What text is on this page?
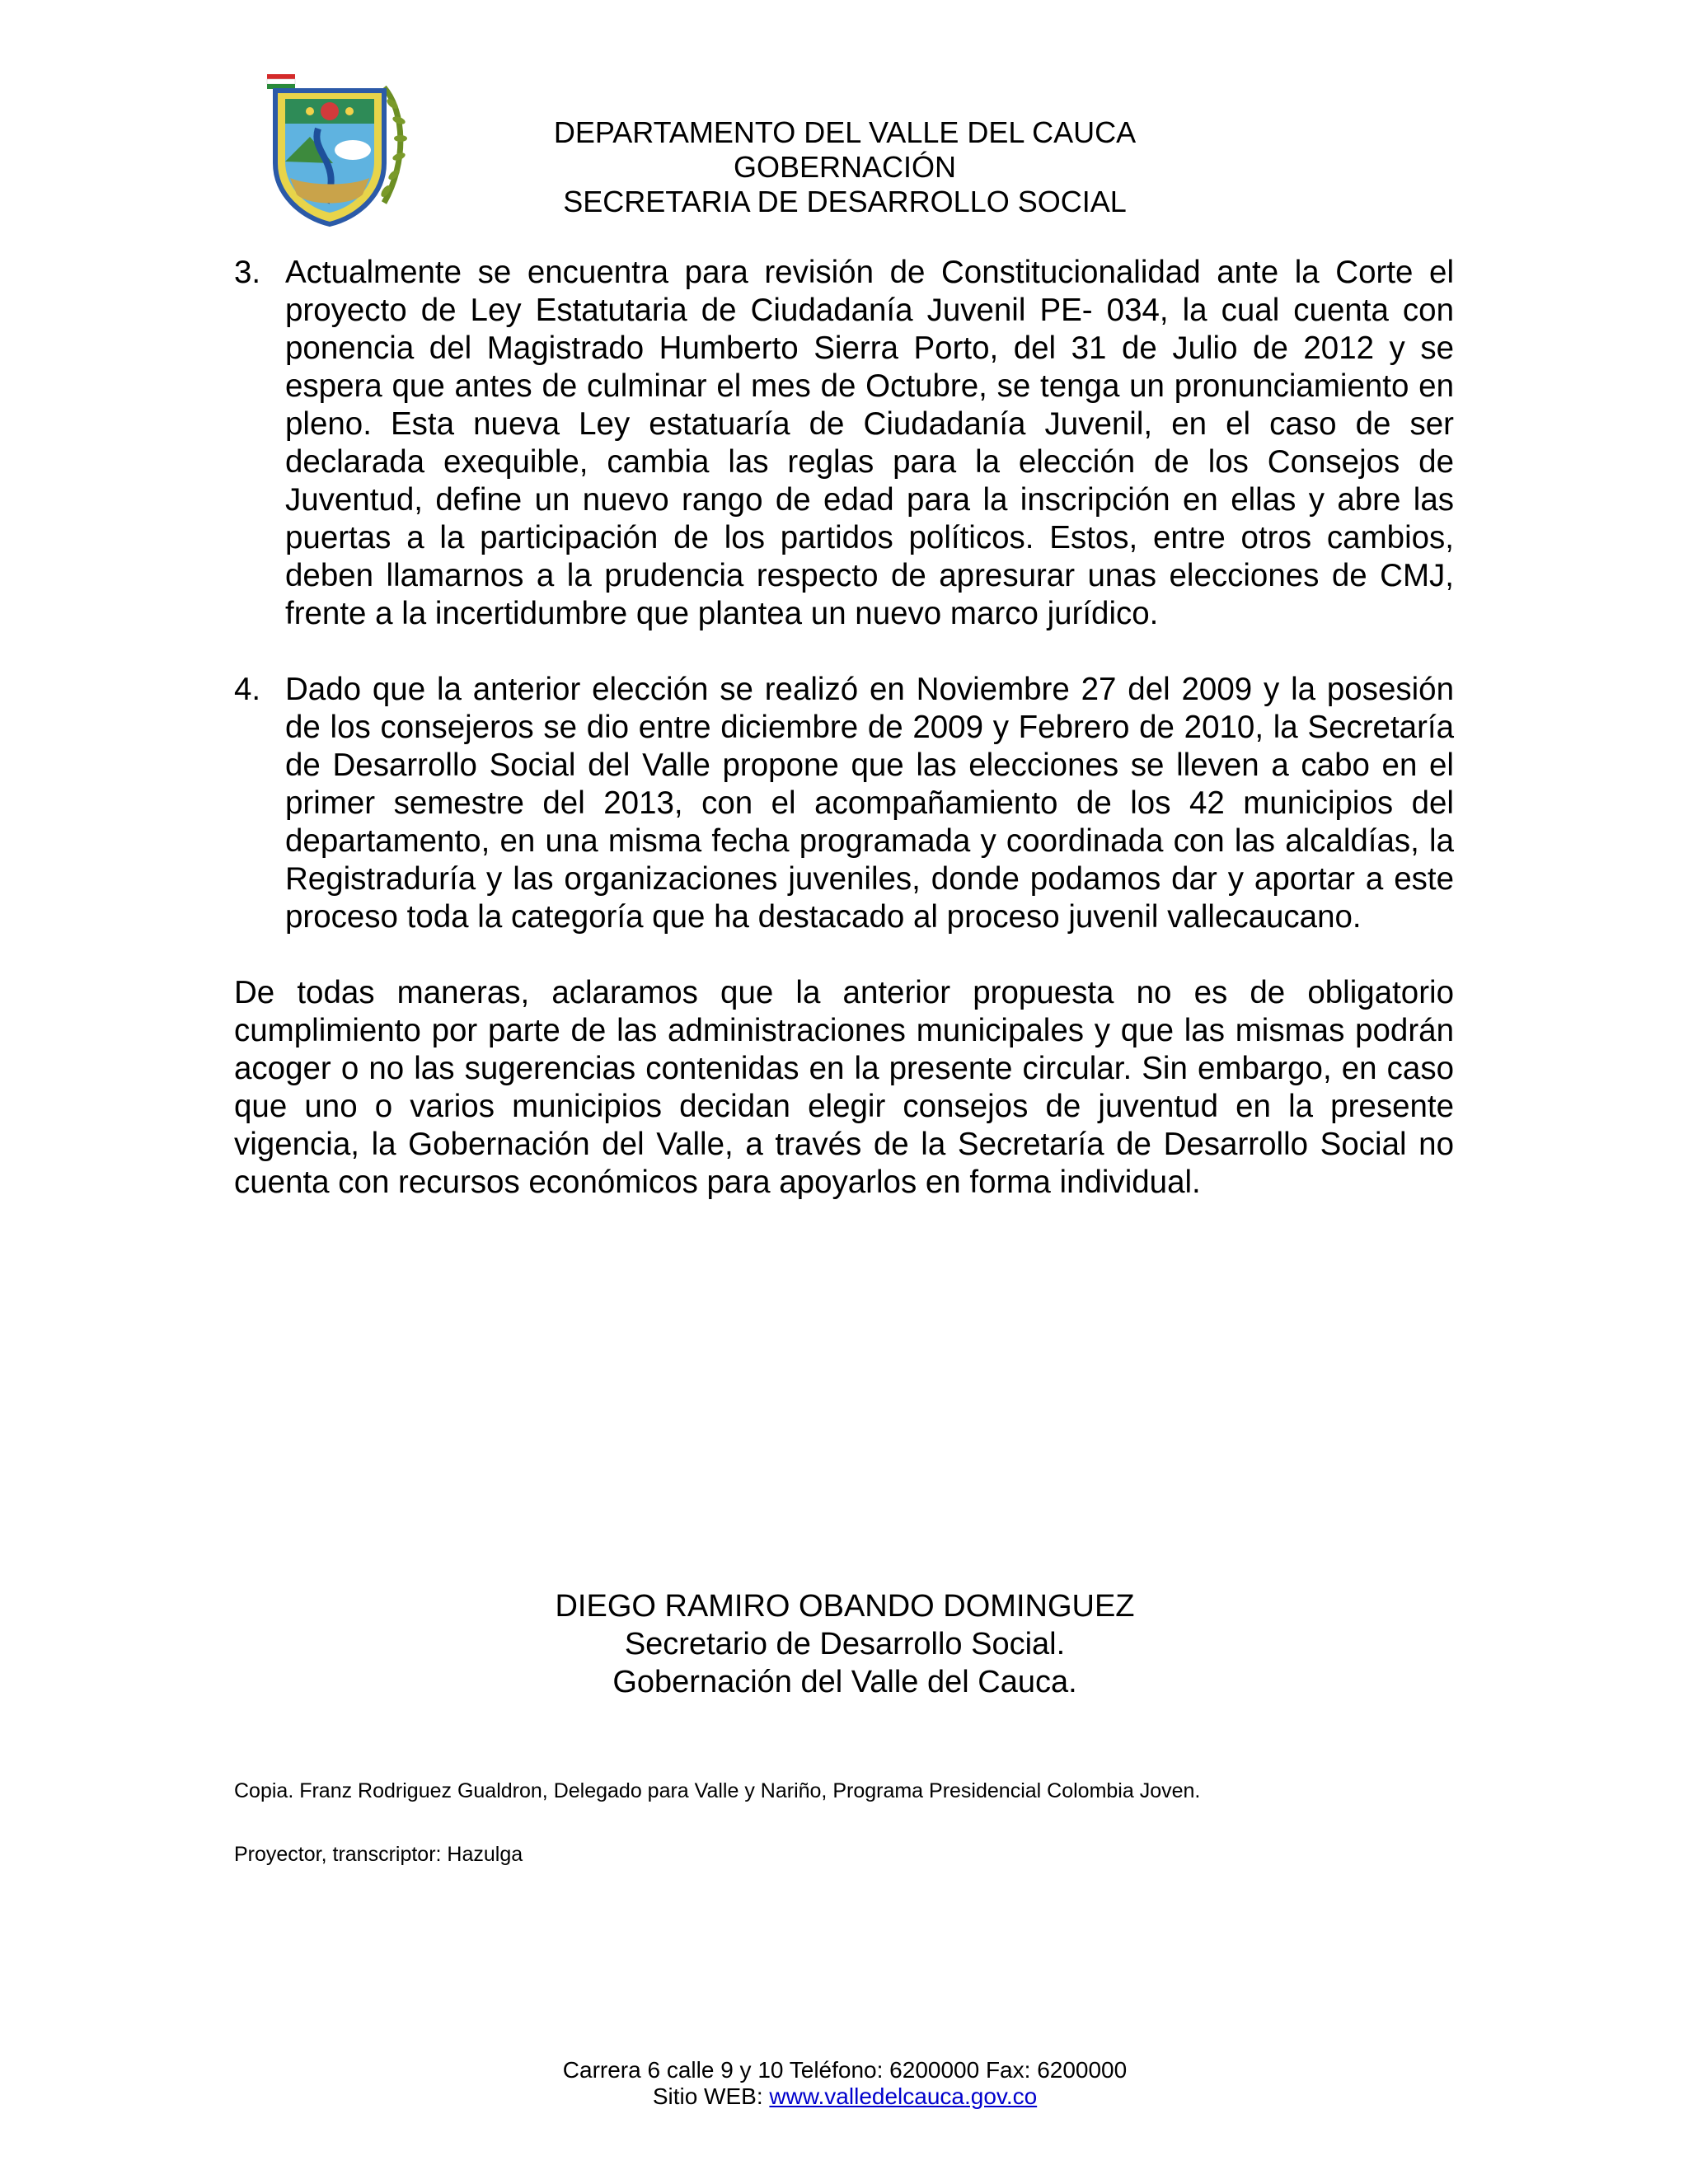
DEPARTAMENTO DEL VALLE DEL CAUCA
GOBERNACIÓN
SECRETARIA DE DESARROLLO SOCIAL
3. Actualmente se encuentra para revisión de Constitucionalidad ante la Corte el proyecto de Ley Estatutaria de Ciudadanía Juvenil PE- 034, la cual cuenta con ponencia del Magistrado Humberto Sierra Porto, del 31 de Julio de 2012 y se espera que antes de culminar el mes de Octubre, se tenga un pronunciamiento en pleno. Esta nueva Ley estatuaría de Ciudadanía Juvenil, en el caso de ser declarada exequible, cambia las reglas para la elección de los Consejos de Juventud, define un nuevo rango de edad para la inscripción en ellas y abre las puertas a la participación de los partidos políticos. Estos, entre otros cambios, deben llamarnos a la prudencia respecto de apresurar unas elecciones de CMJ, frente a la incertidumbre que plantea un nuevo marco jurídico.
4. Dado que la anterior elección se realizó en Noviembre 27 del 2009 y la posesión de los consejeros se dio entre diciembre de 2009 y Febrero de 2010, la Secretaría de Desarrollo Social del Valle propone que las elecciones se lleven a cabo en el primer semestre del 2013, con el acompañamiento de los 42 municipios del departamento, en una misma fecha programada y coordinada con las alcaldías, la Registraduría y las organizaciones juveniles, donde podamos dar y aportar a este proceso toda la categoría que ha destacado al proceso juvenil vallecaucano.
De todas maneras, aclaramos que la anterior propuesta no es de obligatorio cumplimiento por parte de las administraciones municipales y que las mismas podrán acoger o no las sugerencias contenidas en la presente circular. Sin embargo, en caso que uno o varios municipios decidan elegir consejos de juventud en la presente vigencia, la Gobernación del Valle, a través de la Secretaría de Desarrollo Social no cuenta con recursos económicos para apoyarlos en forma individual.
DIEGO RAMIRO OBANDO DOMINGUEZ
Secretario de Desarrollo Social.
Gobernación del Valle del Cauca.
Copia. Franz Rodriguez Gualdron, Delegado para Valle y Nariño, Programa Presidencial Colombia Joven.
Proyector, transcriptor: Hazulga
Carrera 6 calle 9 y 10 Teléfono: 6200000 Fax: 6200000
Sitio WEB: www.valledelcauca.gov.co
